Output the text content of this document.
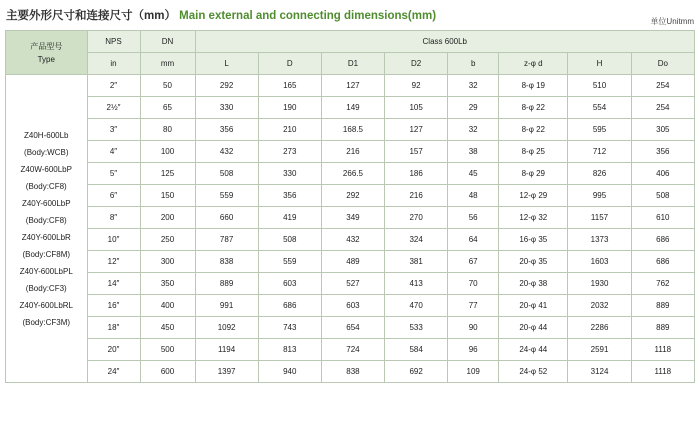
主要外形尺寸和连接尺寸（mm） Main external and connecting dimensions(mm)	单位Unitmm
产品型号
Type	NPS	DN	Class 600Lb							
	in	mm	L	D	D1	D2	b	z-φ d	H	Do

Z40H-600Lb
(Body:WCB)
Z40W-600LbP
(Body:CF8)
Z40Y-600LbP
(Body:CF8)
Z40Y-600LbR
(Body:CF8M)
Z40Y-600LbPL
(Body:CF3)
Z40Y-600LbRL
(Body:CF3M)
	2″	50	292	165	127	92	32	8-φ 19	510	254
	2½″	65	330	190	149	105	29	8-φ 22	554	254
	3″	80	356	210	168.5	127	32	8-φ 22	595	305
	4″	100	432	273	216	157	38	8-φ 25	712	356
	5″	125	508	330	266.5	186	45	8-φ 29	826	406
	6″	150	559	356	292	216	48	12-φ 29	995	508
	8″	200	660	419	349	270	56	12-φ 32	1157	610
	10″	250	787	508	432	324	64	16-φ 35	1373	686
	12″	300	838	559	489	381	67	20-φ 35	1603	686
	14″	350	889	603	527	413	70	20-φ 38	1930	762
	16″	400	991	686	603	470	77	20-φ 41	2032	889
	18″	450	1092	743	654	533	90	20-φ 44	2286	889
	20″	500	1194	813	724	584	96	24-φ 44	2591	1118
	24″	600	1397	940	838	692	109	24-φ 52	3124	1118
